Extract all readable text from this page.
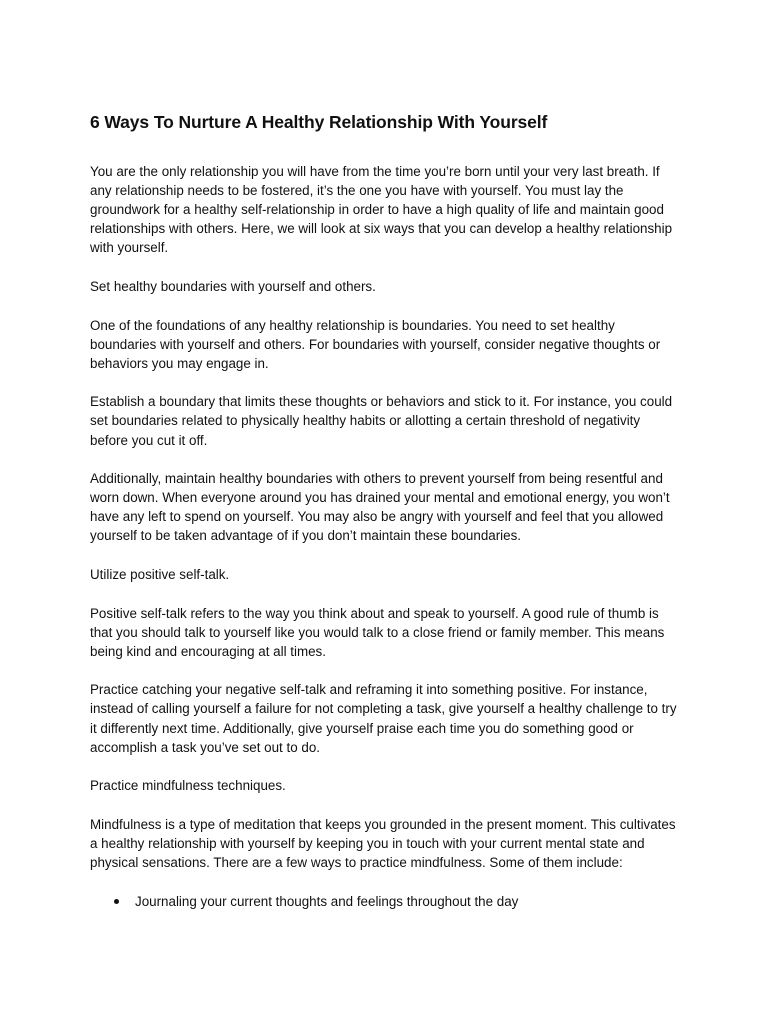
6 Ways To Nurture A Healthy Relationship With Yourself

You are the only relationship you will have from the time you’re born until your very last breath. If any relationship needs to be fostered, it’s the one you have with yourself. You must lay the groundwork for a healthy self-relationship in order to have a high quality of life and maintain good relationships with others. Here, we will look at six ways that you can develop a healthy relationship with yourself.

Set healthy boundaries with yourself and others.

One of the foundations of any healthy relationship is boundaries. You need to set healthy boundaries with yourself and others. For boundaries with yourself, consider negative thoughts or behaviors you may engage in.

Establish a boundary that limits these thoughts or behaviors and stick to it. For instance, you could set boundaries related to physically healthy habits or allotting a certain threshold of negativity before you cut it off.

Additionally, maintain healthy boundaries with others to prevent yourself from being resentful and worn down. When everyone around you has drained your mental and emotional energy, you won’t have any left to spend on yourself. You may also be angry with yourself and feel that you allowed yourself to be taken advantage of if you don’t maintain these boundaries.

Utilize positive self-talk.

Positive self-talk refers to the way you think about and speak to yourself. A good rule of thumb is that you should talk to yourself like you would talk to a close friend or family member. This means being kind and encouraging at all times.

Practice catching your negative self-talk and reframing it into something positive. For instance, instead of calling yourself a failure for not completing a task, give yourself a healthy challenge to try it differently next time. Additionally, give yourself praise each time you do something good or accomplish a task you’ve set out to do.

Practice mindfulness techniques.

Mindfulness is a type of meditation that keeps you grounded in the present moment. This cultivates a healthy relationship with yourself by keeping you in touch with your current mental state and physical sensations. There are a few ways to practice mindfulness. Some of them include:

Journaling your current thoughts and feelings throughout the day
